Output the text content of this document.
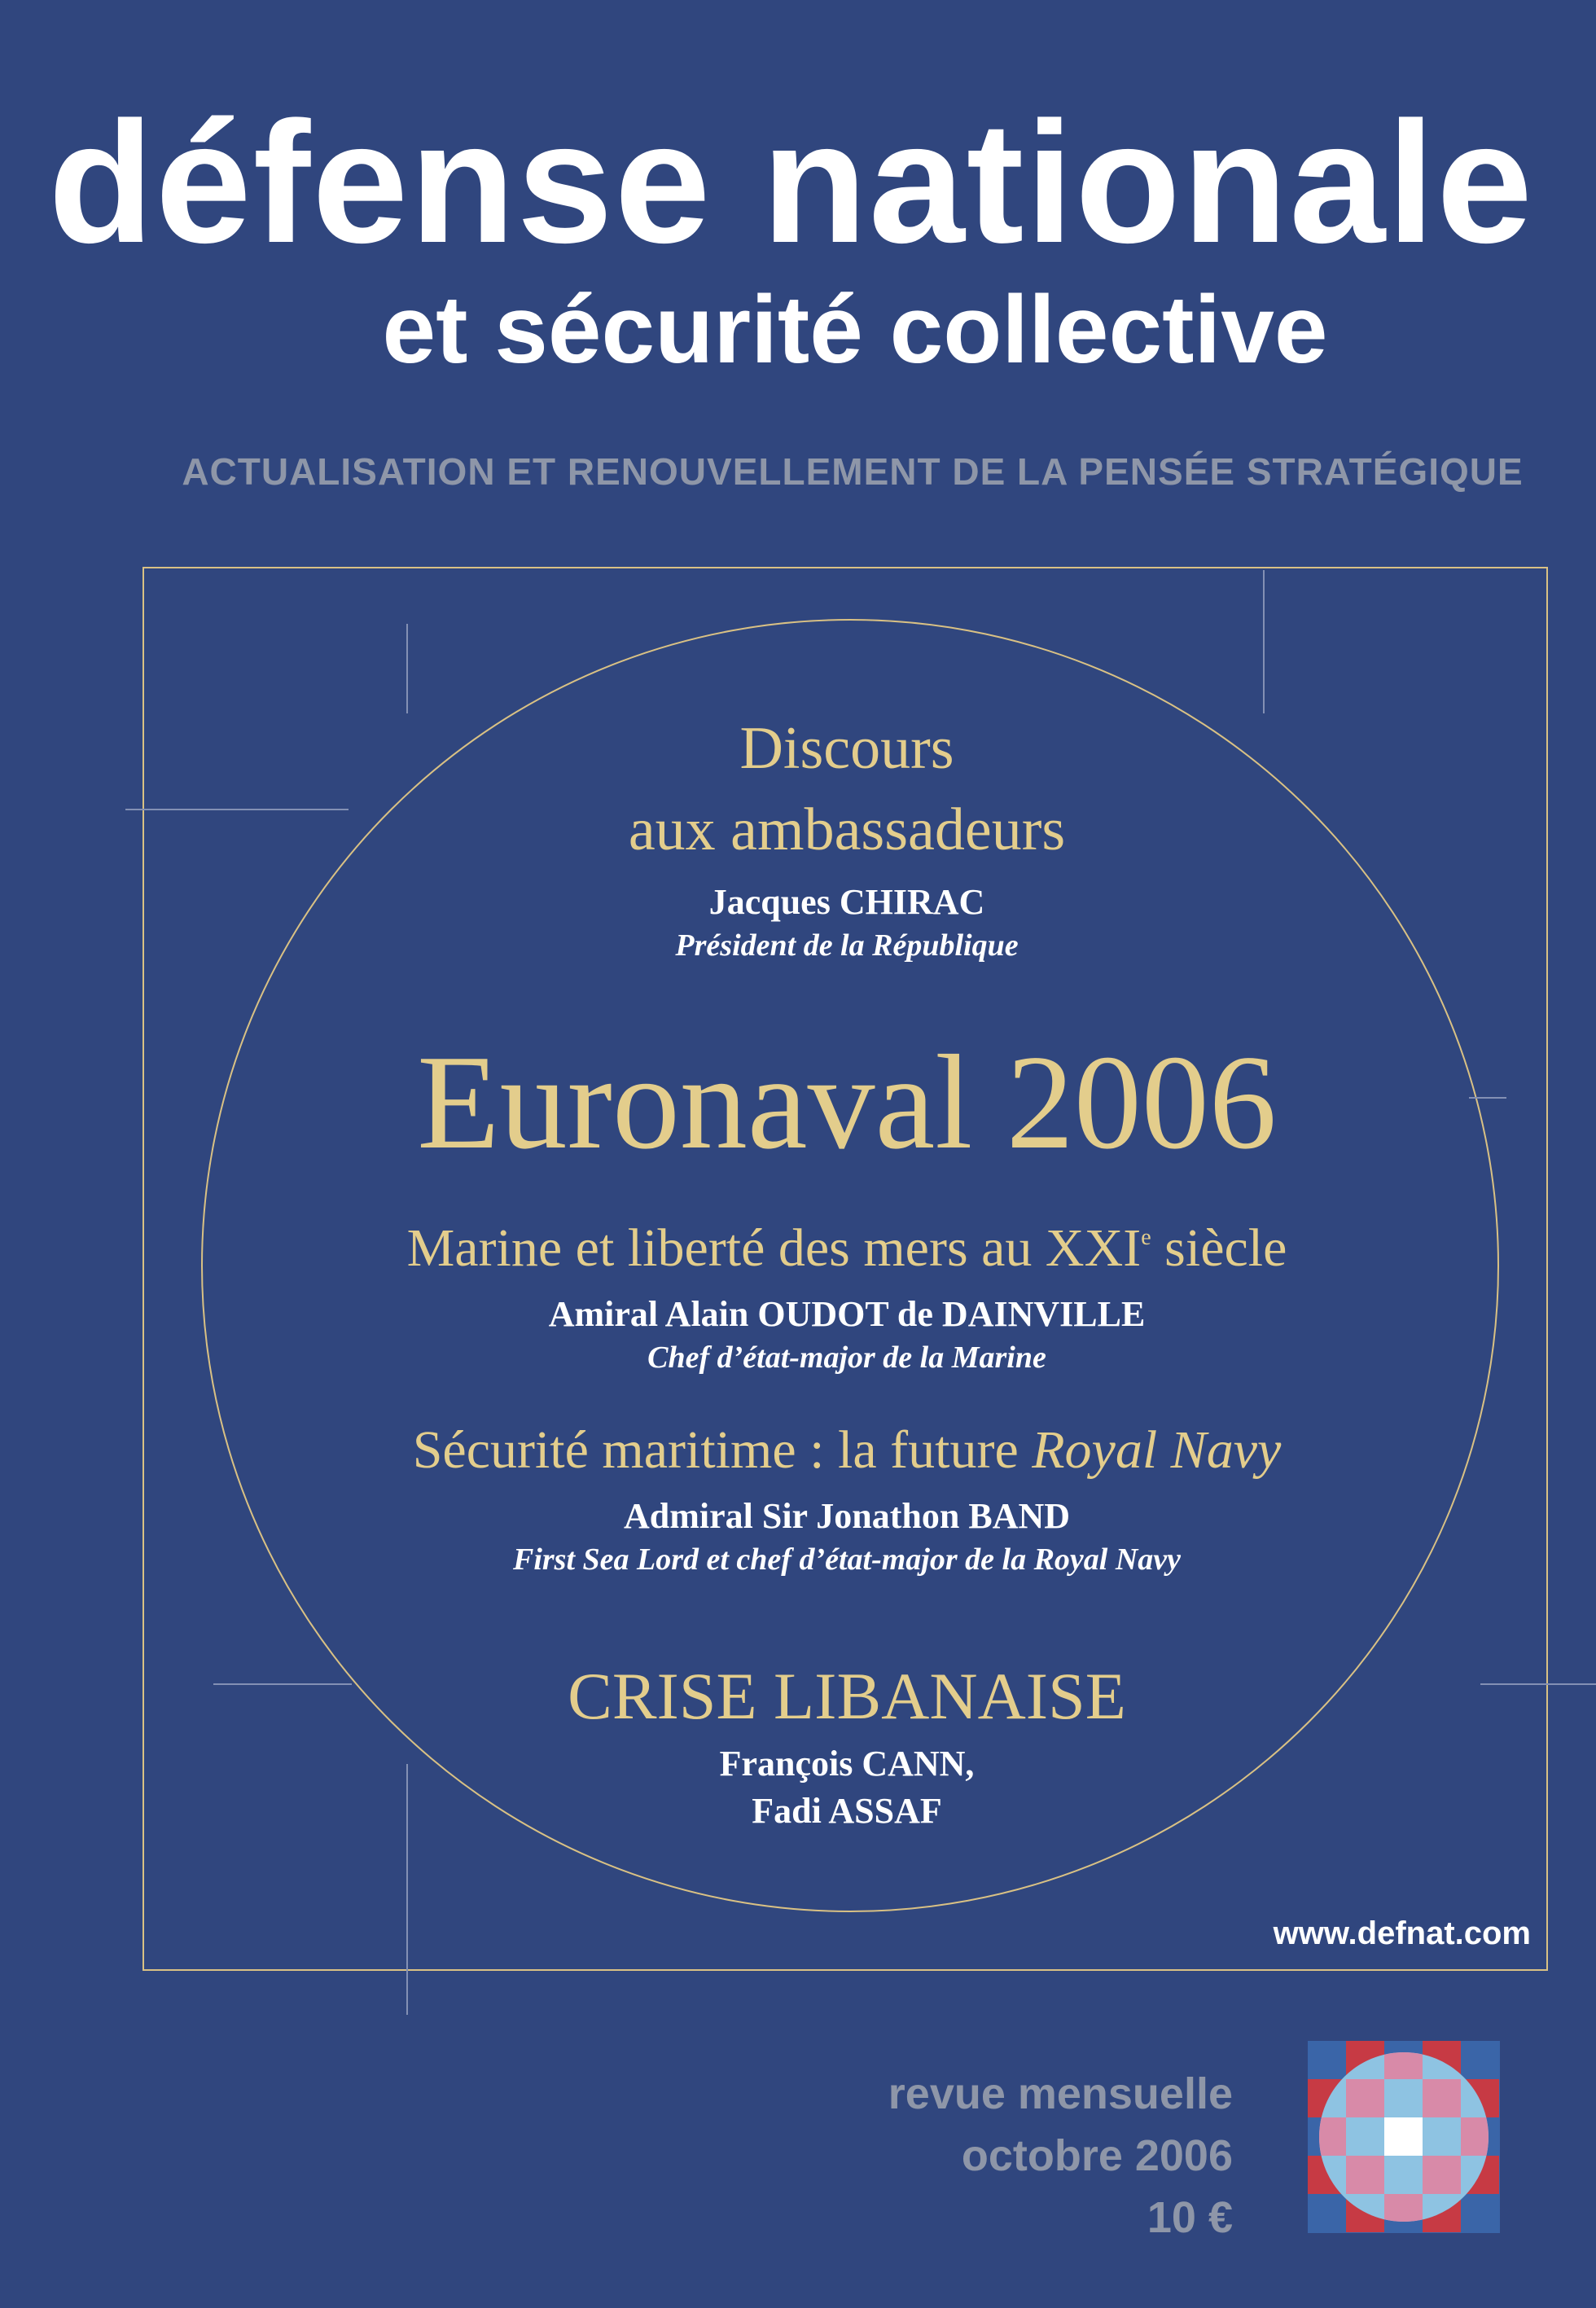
défense nationale
et sécurité collective
ACTUALISATION ET RENOUVELLEMENT DE LA PENSÉE STRATÉGIQUE
Discours
aux ambassadeurs
Jacques CHIRAC
Président de la République
Euronaval 2006
Marine et liberté des mers au XXIe siècle
Amiral Alain OUDOT de DAINVILLE
Chef d’état-major de la Marine
Sécurité maritime : la future Royal Navy
Admiral Sir Jonathon BAND
First Sea Lord et chef d’état-major de la Royal Navy
CRISE LIBANAISE
François CANN,
Fadi ASSAF
www.defnat.com
revue mensuelle
octobre 2006
10 €
